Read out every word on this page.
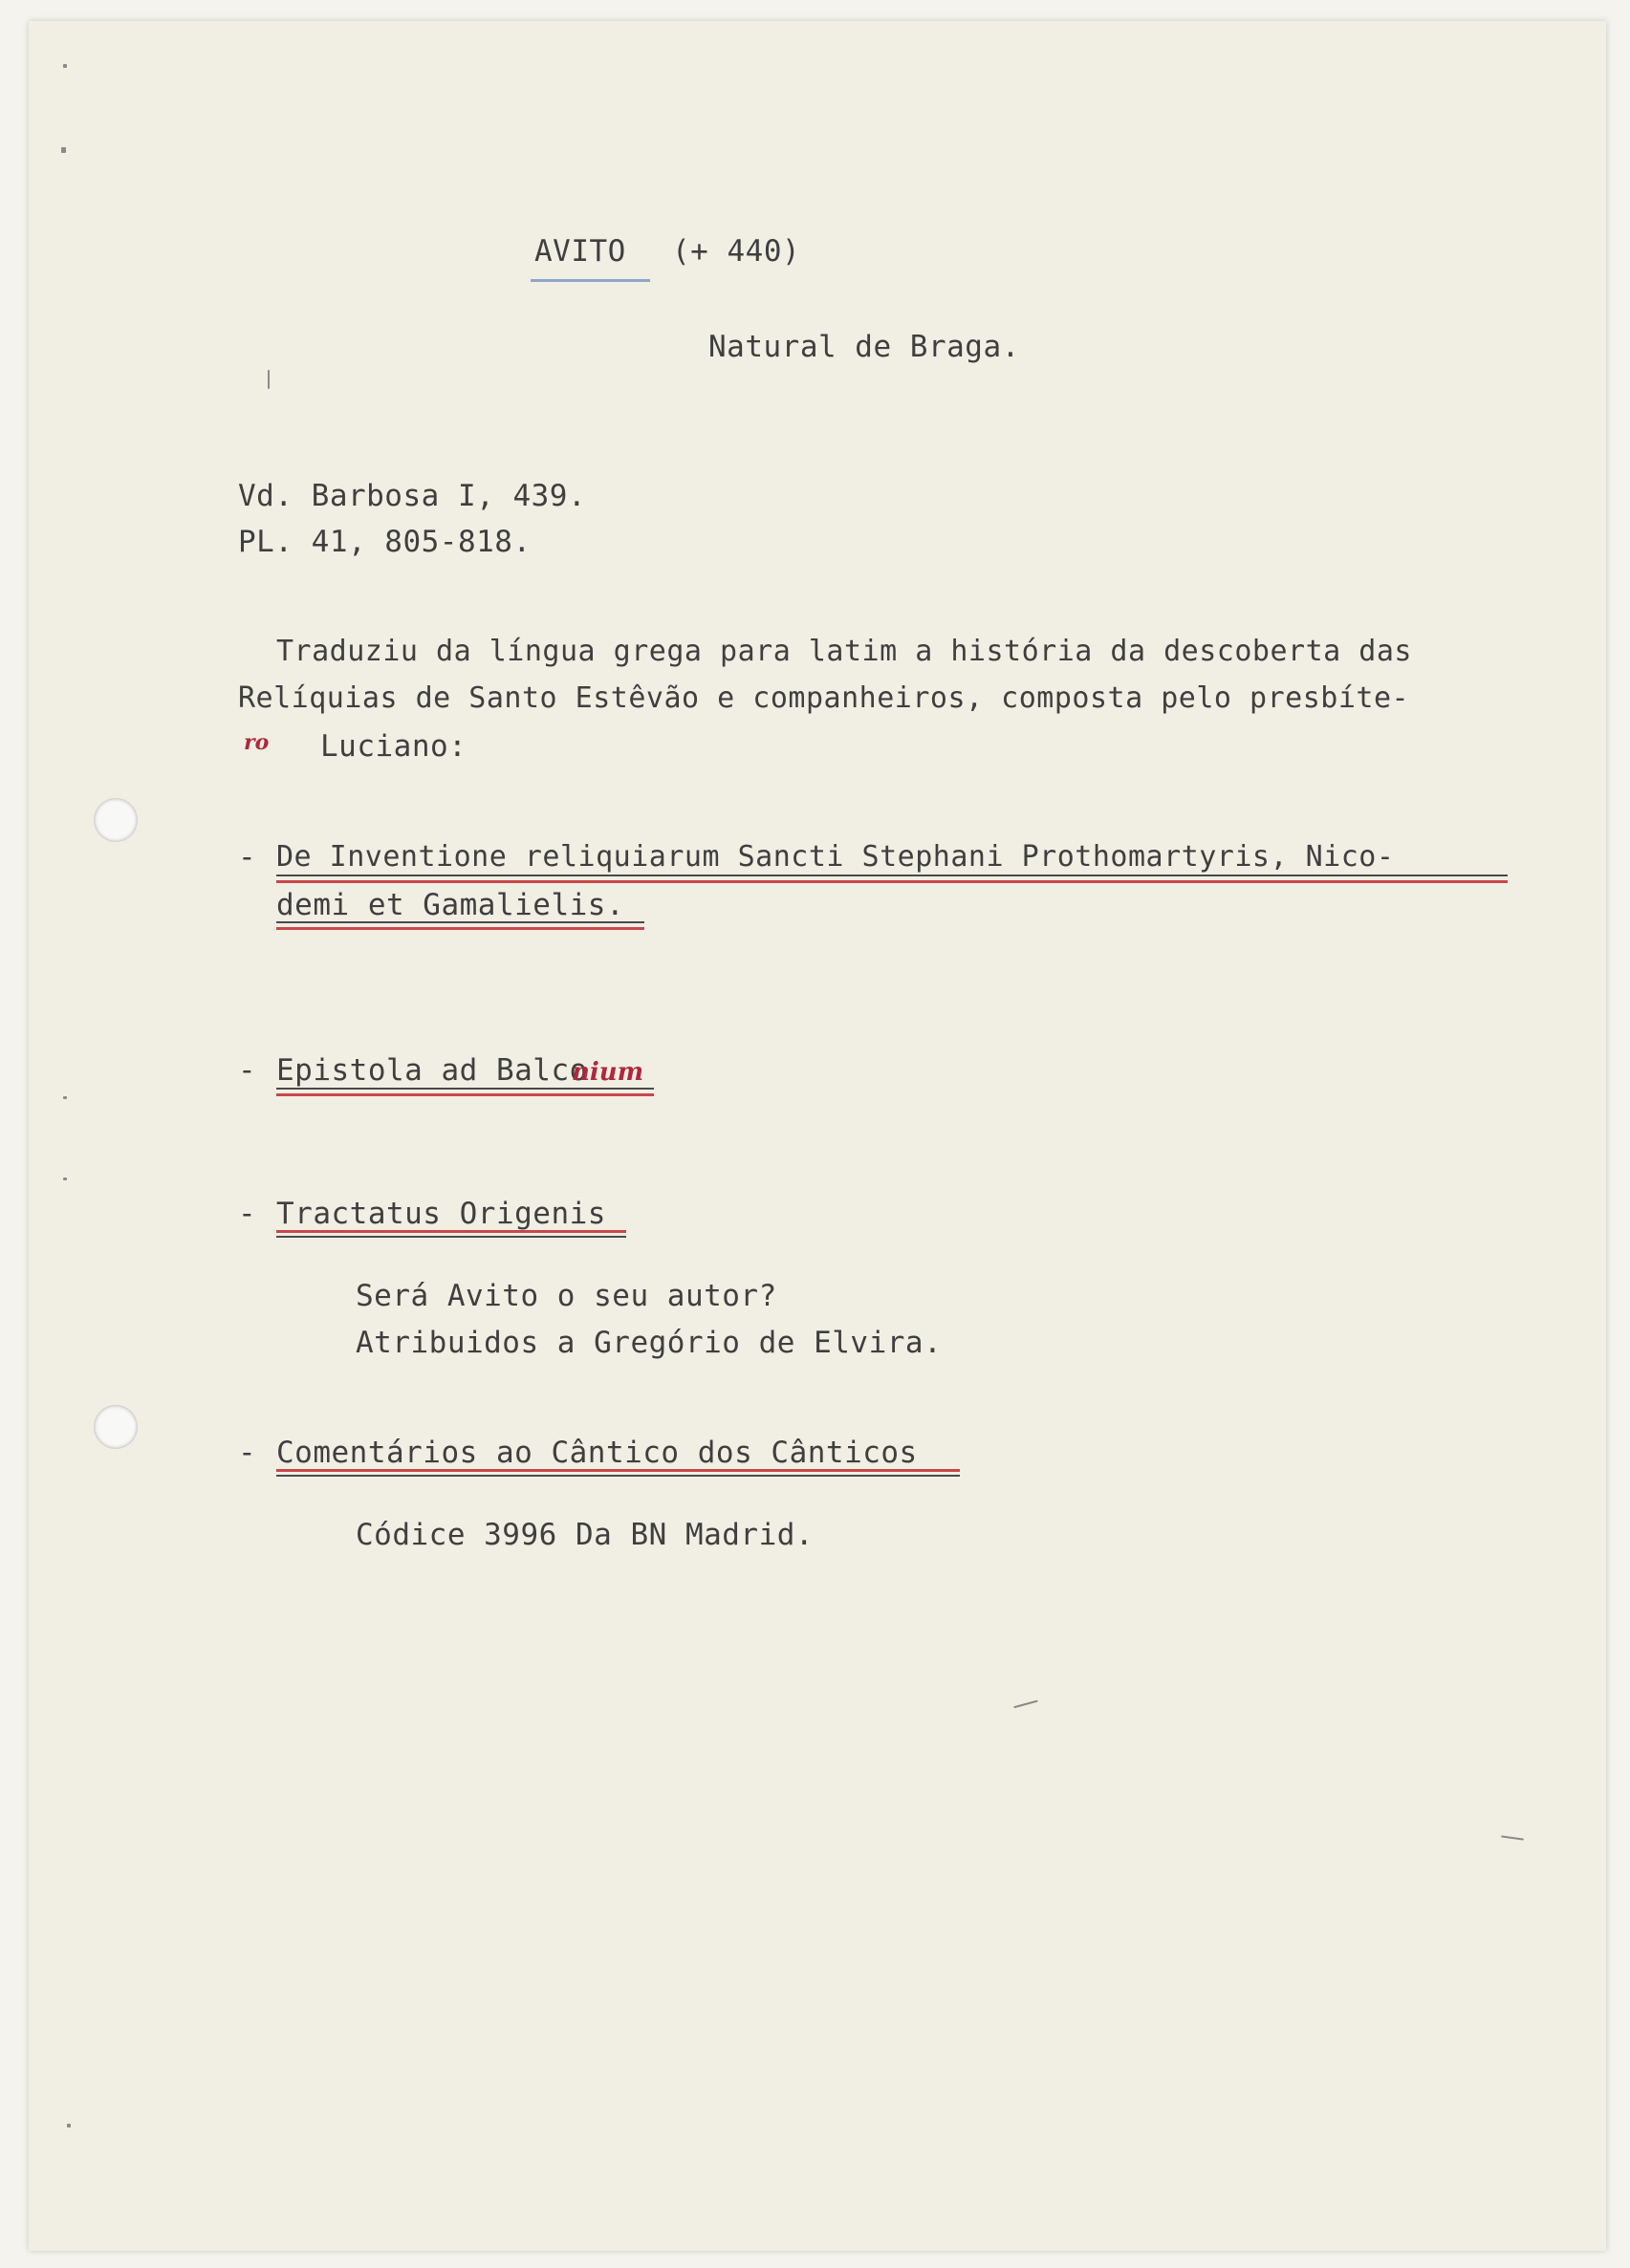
AVITO (+ 440)
Natural de Braga.
Vd. Barbosa I, 439.
PL. 41, 805-818.
Traduziu da língua grega para latim a história da descoberta das
Relíquias de Santo Estêvão e companheiros, composta pelo presbíte-
ro Luciano:
- De Inventione reliquiarum Sancti Stephani Prothomartyris, Nico-
demi et Gamalielis.
- Epistola ad Balco
nium
- Tractatus Origenis
Será Avito o seu autor?
Atribuidos a Gregório de Elvira.
- Comentários ao Cântico dos Cânticos
Códice 3996 Da BN Madrid.
